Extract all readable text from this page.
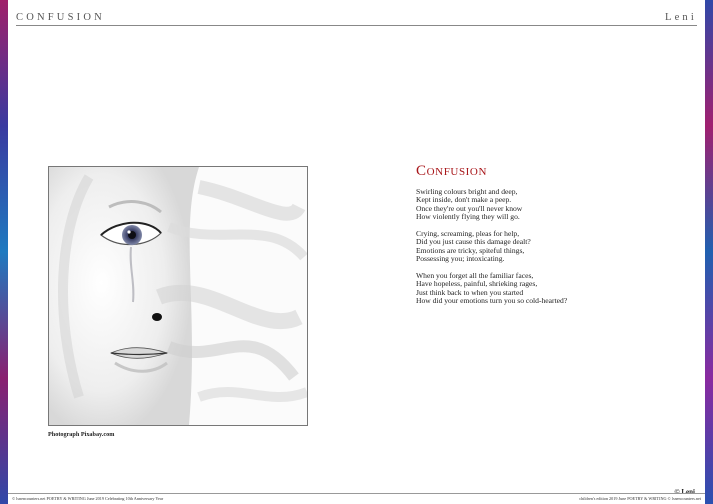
CONFUSION	Leni
Photograph Pixabay.com
Confusion
Swirling colours bright and deep,
Kept inside, don't make a peep.
Once they're out you'll never know
How violently flying they will go.
Crying, screaming, pleas for help,
Did you just cause this damage dealt?
Emotions are tricky, spiteful things,
Possessing you; intoxicating.
When you forget all the familiar faces,
Have hopeless, painful, shrieking rages,
Just think back to when you started
How did your emotions turn you so cold-hearted?
© Leni
© lsnencounters.net POETRY & WRITING June 2019 Celebrating 10th Anniversary Year	children's edition 2019 June POETRY & WRITING © lsnencounters.net
